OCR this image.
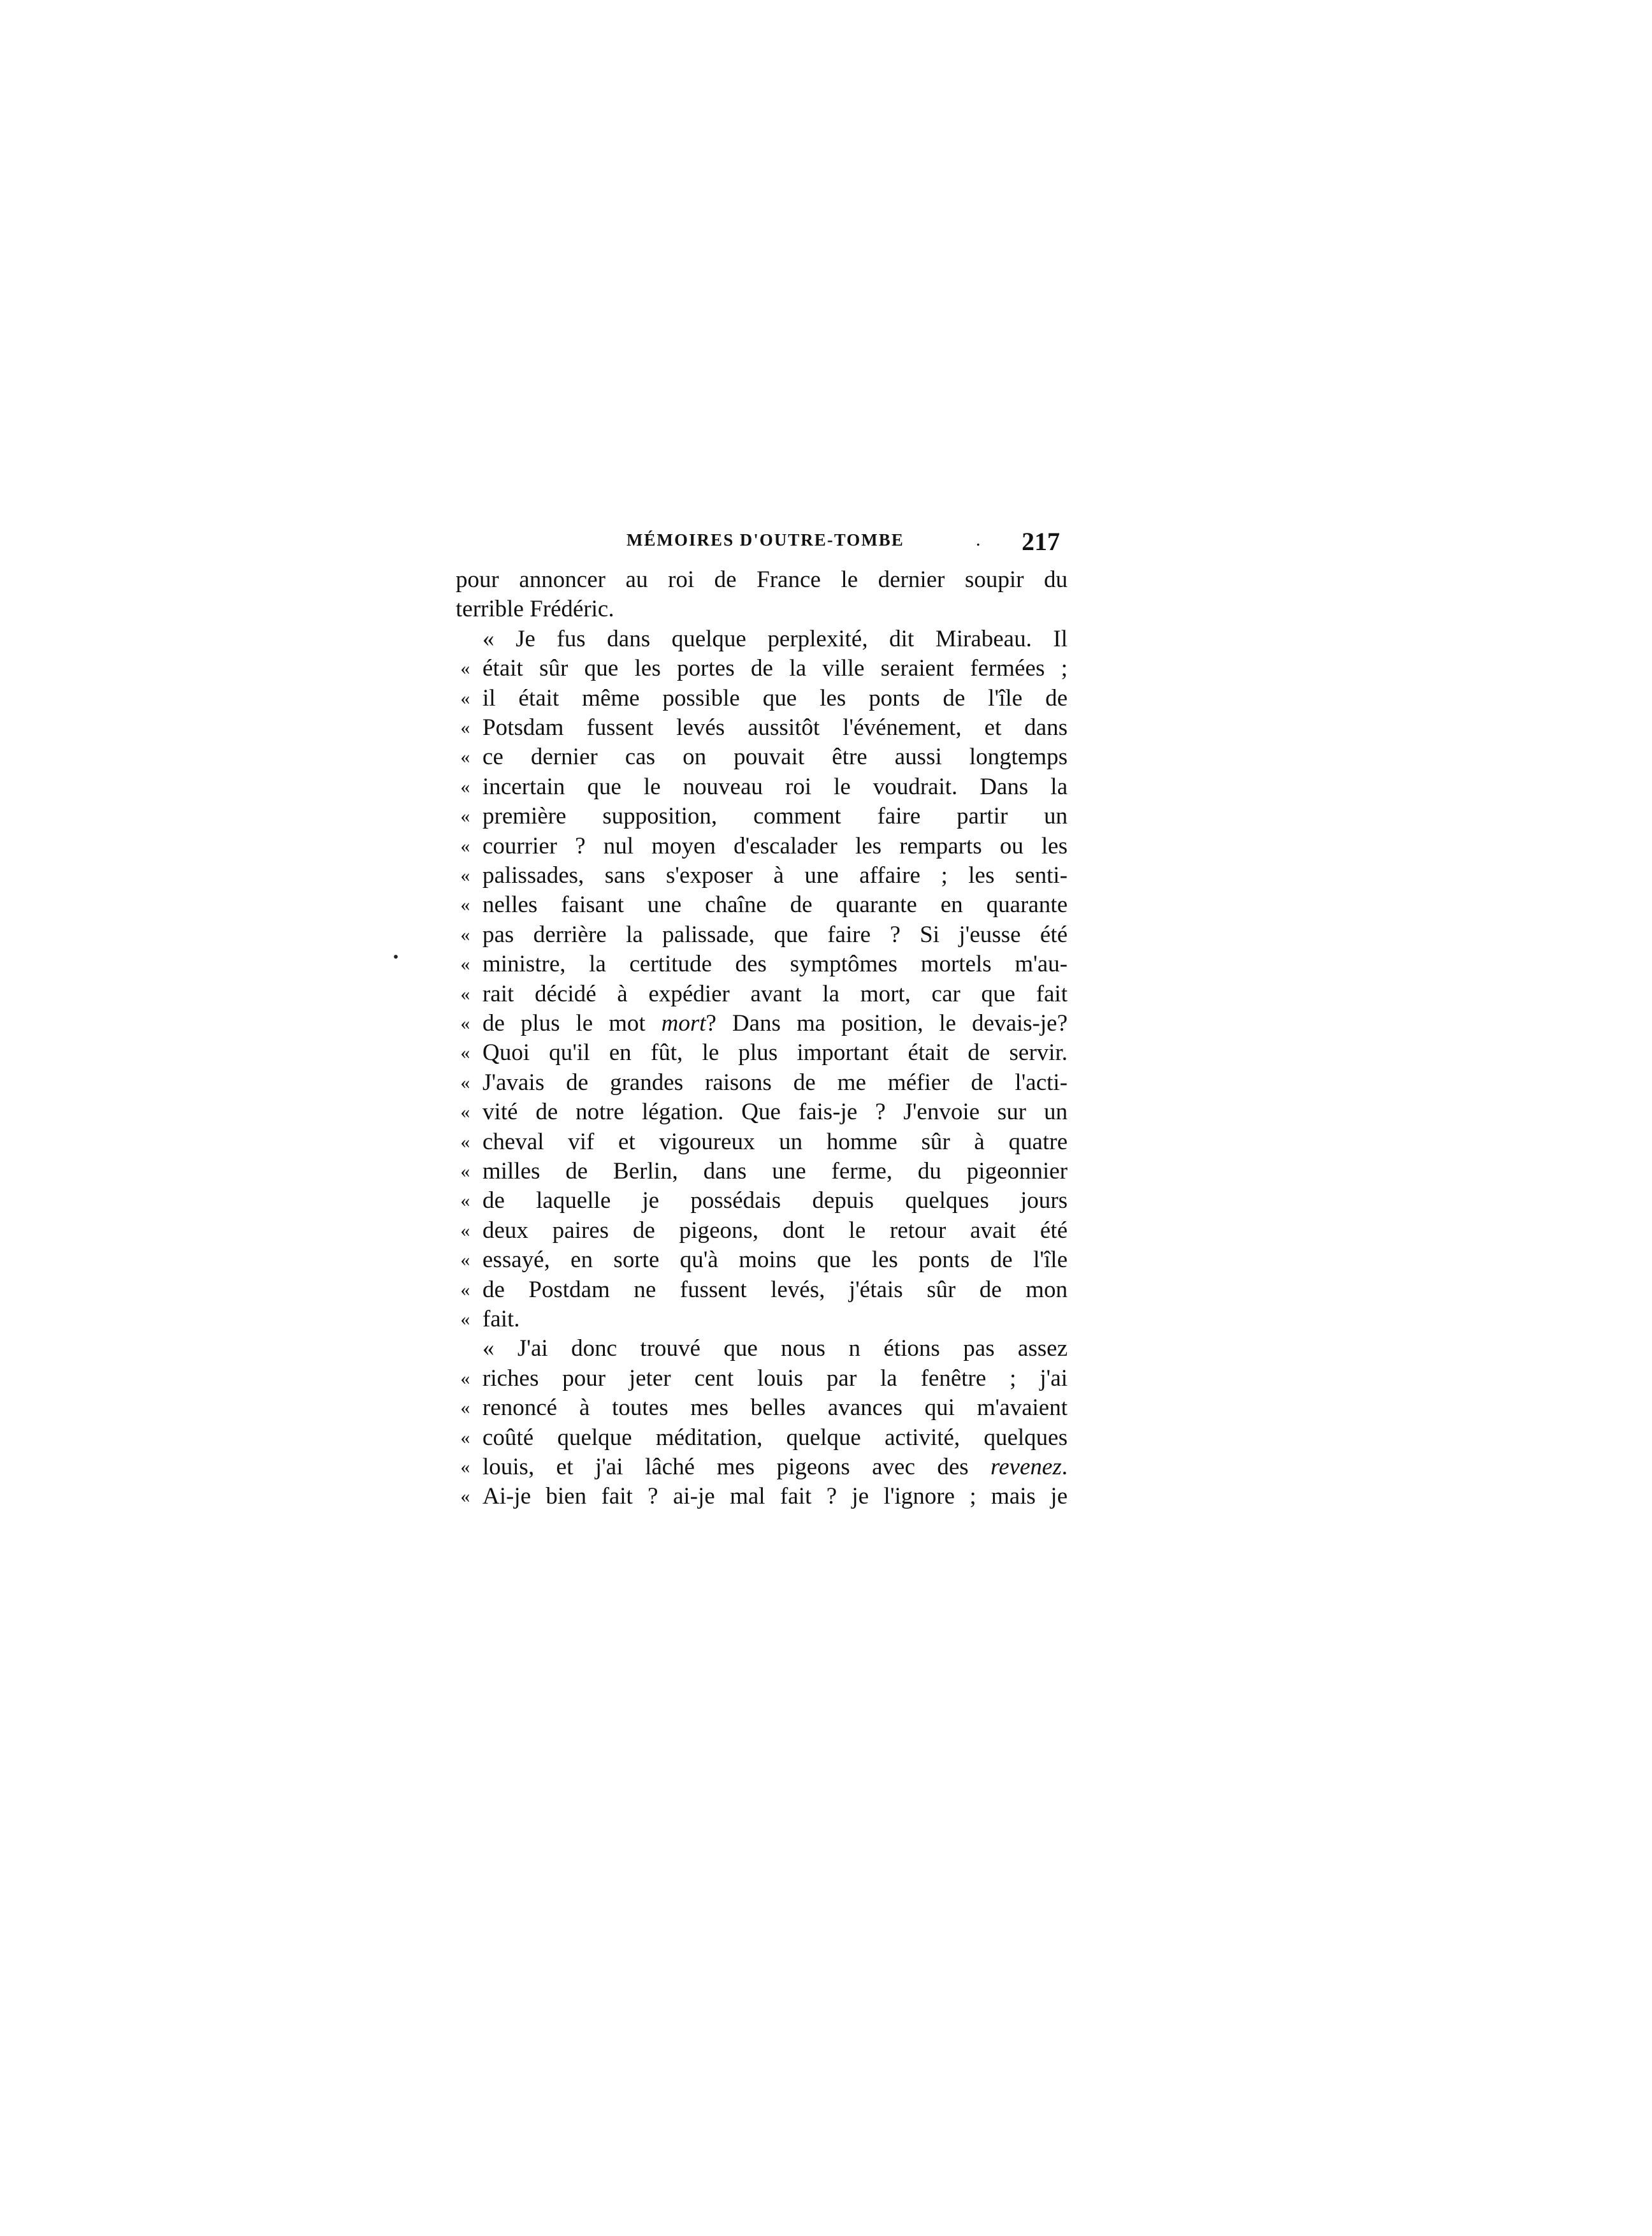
MÉMOIRES D'OUTRE-TOMBE	. 217
pour annoncer au roi de France le dernier soupir du
terrible Frédéric.
« Je fus dans quelque perplexité, dit Mirabeau. Il
« était sûr que les portes de la ville seraient fermées ;
« il était même possible que les ponts de l'île de
« Potsdam fussent levés aussitôt l'événement, et dans
« ce dernier cas on pouvait être aussi longtemps
« incertain que le nouveau roi le voudrait. Dans la
« première supposition, comment faire partir un
« courrier ? nul moyen d'escalader les remparts ou les
« palissades, sans s'exposer à une affaire ; les senti-
« nelles faisant une chaîne de quarante en quarante
« pas derrière la palissade, que faire ? Si j'eusse été
« ministre, la certitude des symptômes mortels m'au-
« rait décidé à expédier avant la mort, car que fait
« de plus le mot mort? Dans ma position, le devais-je?
« Quoi qu'il en fût, le plus important était de servir.
« J'avais de grandes raisons de me méfier de l'acti-
« vité de notre légation. Que fais-je ? J'envoie sur un
« cheval vif et vigoureux un homme sûr à quatre
« milles de Berlin, dans une ferme, du pigeonnier
« de laquelle je possédais depuis quelques jours
« deux paires de pigeons, dont le retour avait été
« essayé, en sorte qu'à moins que les ponts de l'île
« de Postdam ne fussent levés, j'étais sûr de mon
« fait.
« J'ai donc trouvé que nous n étions pas assez
« riches pour jeter cent louis par la fenêtre ; j'ai
« renoncé à toutes mes belles avances qui m'avaient
« coûté quelque méditation, quelque activité, quelques
« louis, et j'ai lâché mes pigeons avec des revenez.
« Ai-je bien fait ? ai-je mal fait ? je l'ignore ; mais je
